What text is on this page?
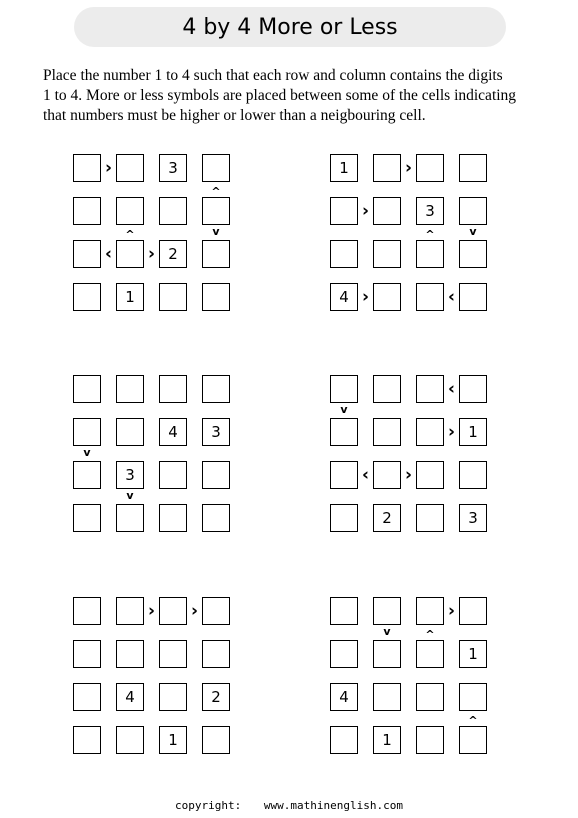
4 by 4 More or Less

Place the number 1 to 4 such that each row and column contains the digits
1 to 4. More or less symbols are placed between some of the cells indicating
that numbers must be higher or lower than a neigbouring cell.

3
2
1
›
‹ ›
^
^	v
1
3
4
›
›
›	‹
^	v
4	3
3
v
v
1
2	3
‹
›
‹ ›
v
4	2
1
› ›
1
4
1
›
v	^
^
copyright: www.mathinenglish.com
